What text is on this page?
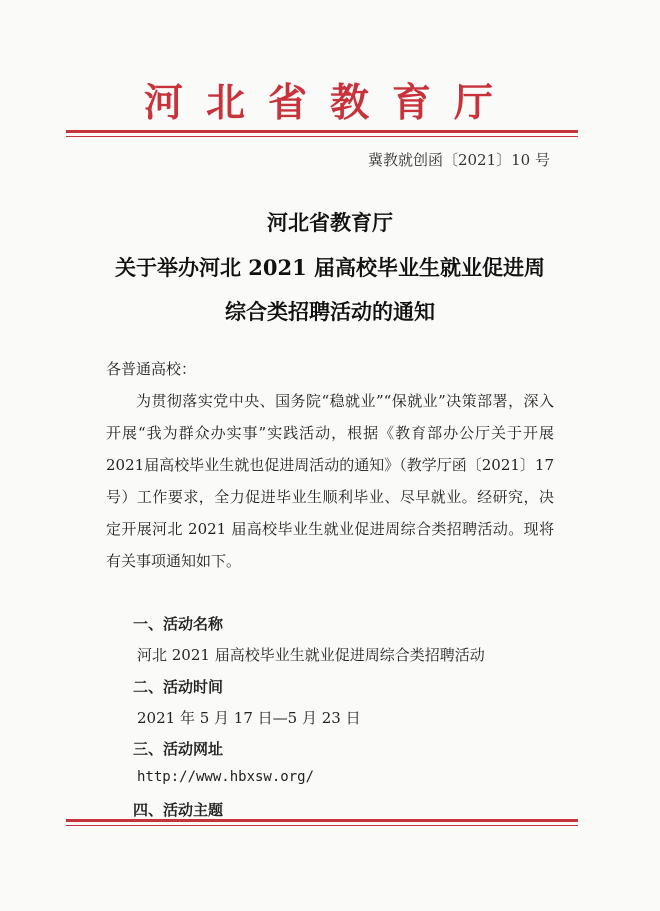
河北省教育厅
冀教就创函〔2021〕10 号
河北省教育厅
关于举办河北 2021 届高校毕业生就业促进周
综合类招聘活动的通知
各普通高校：
为贯彻落实党中央、国务院“稳就业”“保就业”决策部署，深入开展“我为群众办实事”实践活动，根据《教育部办公厅关于开展2021届高校毕业生就也促进周活动的通知》（教学厅函〔2021〕17号）工作要求，全力促进毕业生顺利毕业、尽早就业。经研究，决定开展河北 2021 届高校毕业生就业促进周综合类招聘活动。现将有关事项通知如下。
一、活动名称
河北 2021 届高校毕业生就业促进周综合类招聘活动
二、活动时间
2021 年 5 月 17 日—5 月 23 日
三、活动网址
http://www.hbxsw.org/
四、活动主题
